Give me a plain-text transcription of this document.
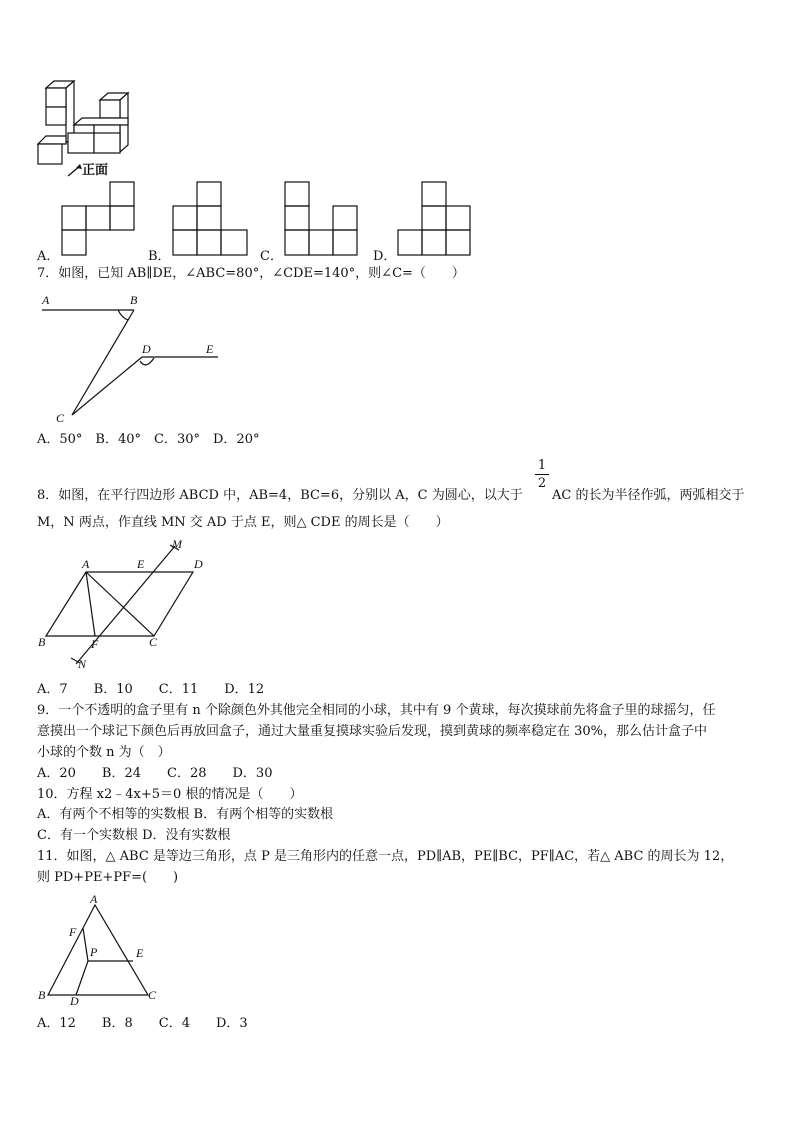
正面
A．	B．	C．	D．
7．如图，已知 AB∥DE，∠ABC=80°，∠CDE=140°，则∠C=（　　）
A	B
D	E
C
A．50°　B．40°　C．30°　D．20°
1
2
8．如图，在平行四边形 ABCD 中，AB=4，BC=6，分别以 A，C 为圆心，以大于 AC 的长为半径作弧，两弧相交于
M，N 两点，作直线 MN 交 AD 于点 E，则△ CDE 的周长是（　　）
A	E	D
M
B	F	C
N
A．7　　B．10　　C．11　　D．12
9．一个不透明的盒子里有 n 个除颜色外其他完全相同的小球，其中有 9 个黄球，每次摸球前先将盒子里的球摇匀，任
意摸出一个球记下颜色后再放回盒子，通过大量重复摸球实验后发现，摸到黄球的频率稳定在 30%，那么估计盒子中
小球的个数 n 为（　）
A．20　　B．24　　C．28　　D．30
10．方程 x2﹣4x+5＝0 根的情况是（　　）
A．有两个不相等的实数根 B．有两个相等的实数根
C．有一个实数根 D．没有实数根
11．如图，△ ABC 是等边三角形，点 P 是三角形内的任意一点，PD∥AB，PE∥BC，PF∥AC，若△ ABC 的周长为 12，
则 PD+PE+PF=(　　)
A
F
P	E
B D	C
A．12　　B．8　　C．4　　D．3
